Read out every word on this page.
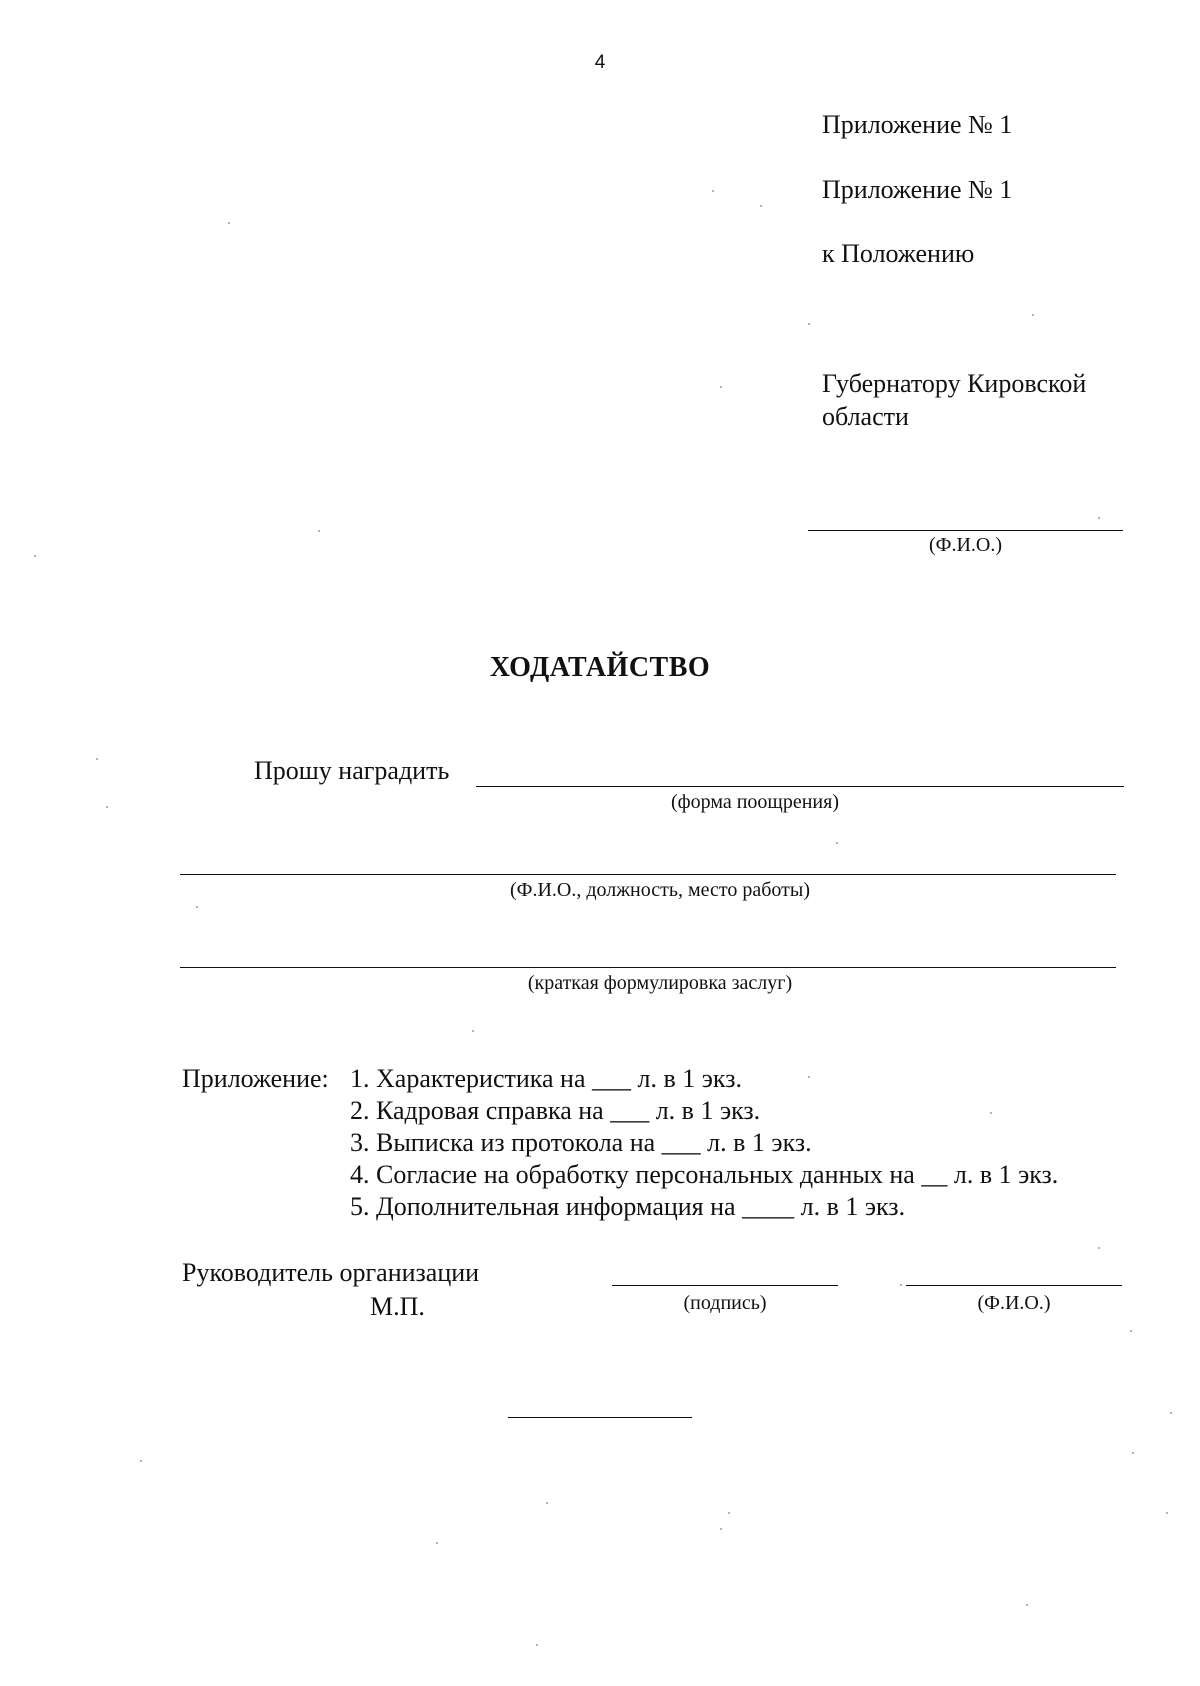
4
Приложение № 1
Приложение № 1
к Положению
Губернатору Кировской
области
(Ф.И.О.)
ХОДАТАЙСТВО
Прошу наградить
(форма поощрения)
(Ф.И.О., должность, место работы)
(краткая формулировка заслуг)
Приложение: 1. Характеристика на ___ л. в 1 экз.
2. Кадровая справка на ___ л. в 1 экз.
3. Выписка из протокола на ___ л. в 1 экз.
4. Согласие на обработку персональных данных на __ л. в 1 экз.
5. Дополнительная информация на ____ л. в 1 экз.
Руководитель организации
М.П.	(подпись)	(Ф.И.О.)
